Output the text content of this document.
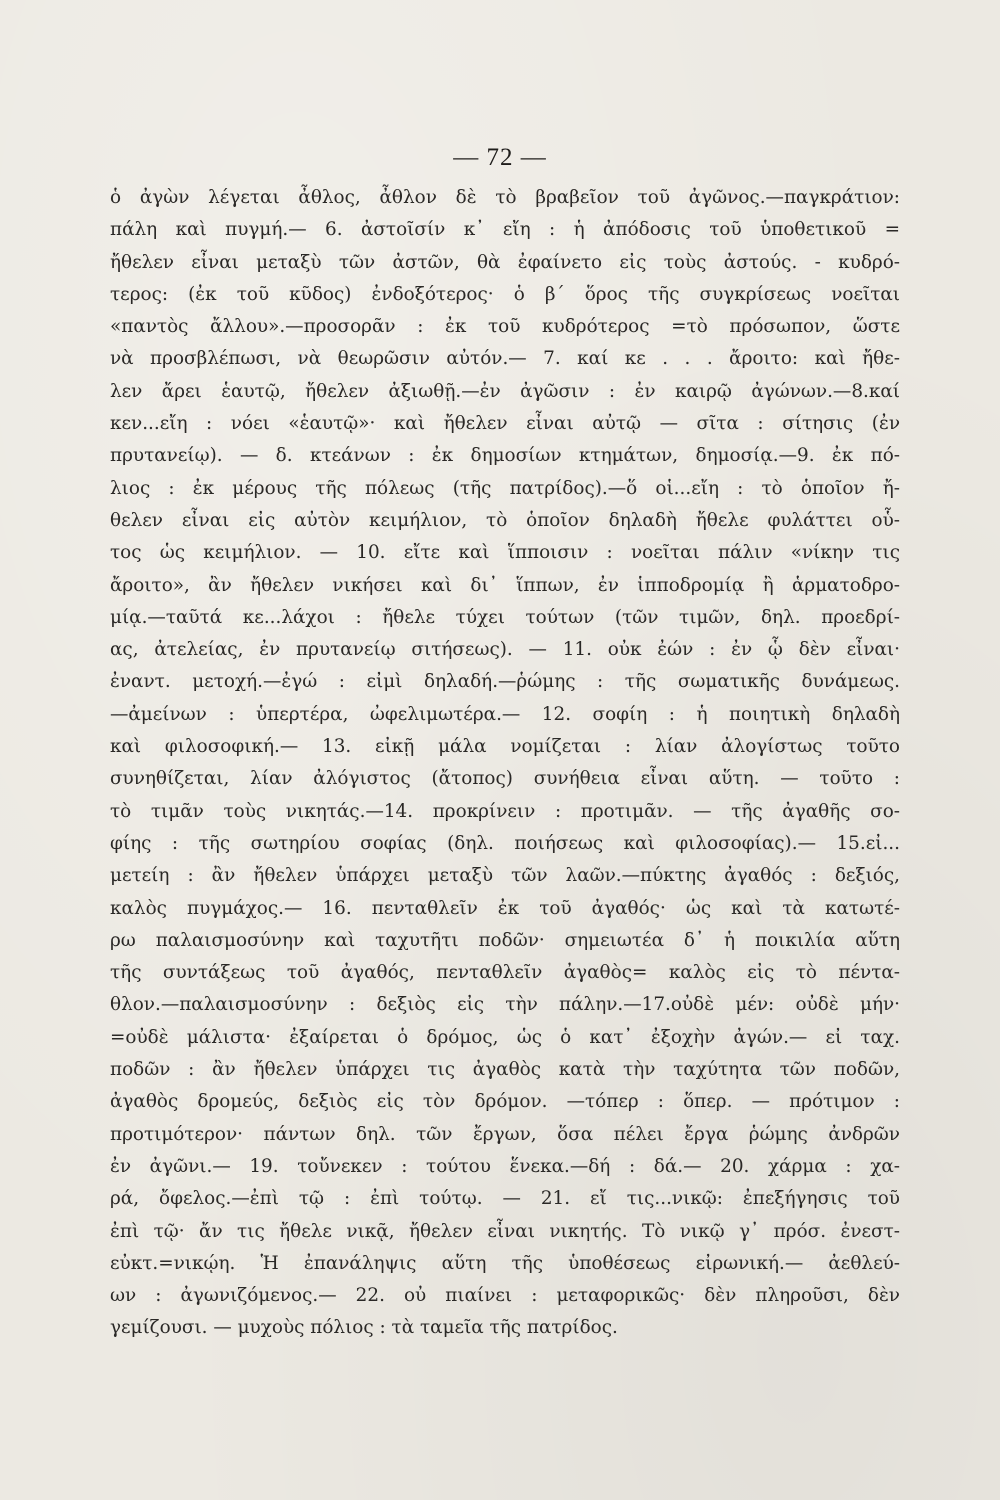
— 72 —
ὁ ἀγὼν λέγεται ἆθλος, ἆθλον δὲ τὸ βραβεῖον τοῦ ἀγῶνος.—παγκράτιον:
πάλη καὶ πυγμή.— 6. ἀστοῖσίν κ᾽ εἴη : ἡ ἀπόδοσις τοῦ ὑποθετικοῦ =
ἤθελεν εἶναι μεταξὺ τῶν ἀστῶν, θὰ ἐφαίνετο εἰς τοὺς ἀστούς. - κυδρό-
τερος: (ἐκ τοῦ κῦδος) ἐνδοξότερος· ὁ β΄ ὅρος τῆς συγκρίσεως νοεῖται
«παντὸς ἄλλου».—προσορᾶν : ἐκ τοῦ κυδρότερος =τὸ πρόσωπον, ὥστε
νὰ προσβλέπωσι, νὰ θεωρῶσιν αὐτόν.— 7. καί κε . . . ἄροιτο: καὶ ἤθε-
λεν ἄρει ἑαυτῷ, ἤθελεν ἀξιωθῇ.—ἐν ἀγῶσιν : ἐν καιρῷ ἀγώνων.—8.καί
κεν...εἴη : νόει «ἑαυτῷ»· καὶ ἤθελεν εἶναι αὐτῷ — σῖτα : σίτησις (ἐν
πρυτανείῳ). — δ. κτεάνων : ἐκ δημοσίων κτημάτων, δημοσίᾳ.—9. ἐκ πό-
λιος : ἐκ μέρους τῆς πόλεως (τῆς πατρίδος).—ὅ οἱ...εἴη : τὸ ὁποῖον ἤ-
θελεν εἶναι εἰς αὐτὸν κειμήλιον, τὸ ὁποῖον δηλαδὴ ἤθελε φυλάττει οὗ-
τος ὡς κειμήλιον. — 10. εἴτε καὶ ἵπποισιν : νοεῖται πάλιν «νίκην τις
ἄροιτο», ἂν ἤθελεν νικήσει καὶ δι᾽ ἵππων, ἐν ἱπποδρομίᾳ ἢ ἁρματοδρο-
μίᾳ.—ταῦτά κε...λάχοι : ἤθελε τύχει τούτων (τῶν τιμῶν, δηλ. προεδρί-
ας, ἀτελείας, ἐν πρυτανείῳ σιτήσεως). — 11. οὐκ ἐών : ἐν ᾧ δὲν εἶναι·
ἐναντ. μετοχή.—ἐγώ : εἰμὶ δηλαδή.—ῥώμης : τῆς σωματικῆς δυνάμεως.
—ἀμείνων : ὑπερτέρα, ὠφελιμωτέρα.— 12. σοφίη : ἡ ποιητικὴ δηλαδὴ
καὶ φιλοσοφική.— 13. εἰκῇ μάλα νομίζεται : λίαν ἀλογίστως τοῦτο
συνηθίζεται, λίαν ἀλόγιστος (ἄτοπος) συνήθεια εἶναι αὕτη. — τοῦτο :
τὸ τιμᾶν τοὺς νικητάς.—14. προκρίνειν : προτιμᾶν. — τῆς ἀγαθῆς σο-
φίης : τῆς σωτηρίου σοφίας (δηλ. ποιήσεως καὶ φιλοσοφίας).— 15.εἰ...
μετείη : ἂν ἤθελεν ὑπάρχει μεταξὺ τῶν λαῶν.—πύκτης ἀγαθός : δεξιός,
καλὸς πυγμάχος.— 16. πενταθλεῖν ἐκ τοῦ ἀγαθός· ὡς καὶ τὰ κατωτέ-
ρω παλαισμοσύνην καὶ ταχυτῆτι ποδῶν· σημειωτέα δ᾽ ἡ ποικιλία αὕτη
τῆς συντάξεως τοῦ ἀγαθός, πενταθλεῖν ἀγαθὸς= καλὸς εἰς τὸ πέντα-
θλον.—παλαισμοσύνην : δεξιὸς εἰς τὴν πάλην.—17.οὐδὲ μέν: οὐδὲ μήν·
=οὐδὲ μάλιστα· ἐξαίρεται ὁ δρόμος, ὡς ὁ κατ᾽ ἐξοχὴν ἀγών.— εἰ ταχ.
ποδῶν : ἂν ἤθελεν ὑπάρχει τις ἀγαθὸς κατὰ τὴν ταχύτητα τῶν ποδῶν,
ἀγαθὸς δρομεύς, δεξιὸς εἰς τὸν δρόμον. —τόπερ : ὅπερ. — πρότιμον :
προτιμότερον· πάντων δηλ. τῶν ἔργων, ὅσα πέλει ἔργα ῥώμης ἀνδρῶν
ἐν ἀγῶνι.— 19. τοὔνεκεν : τούτου ἕνεκα.—δή : δά.— 20. χάρμα : χα-
ρά, ὄφελος.—ἐπὶ τῷ : ἐπὶ τούτῳ. — 21. εἴ τις...νικῷ: ἐπεξήγησις τοῦ
ἐπὶ τῷ· ἄν τις ἤθελε νικᾷ, ἤθελεν εἶναι νικητής. Τὸ νικῷ γ᾽ πρόσ. ἐνεστ-
εὐκτ.=νικῴη. Ἡ ἐπανάληψις αὕτη τῆς ὑποθέσεως εἰρωνική.— ἀεθλεύ-
ων : ἀγωνιζόμενος.— 22. οὐ πιαίνει : μεταφορικῶς· δὲν πληροῦσι, δὲν
γεμίζουσι. — μυχοὺς πόλιος : τὰ ταμεῖα τῆς πατρίδος.
